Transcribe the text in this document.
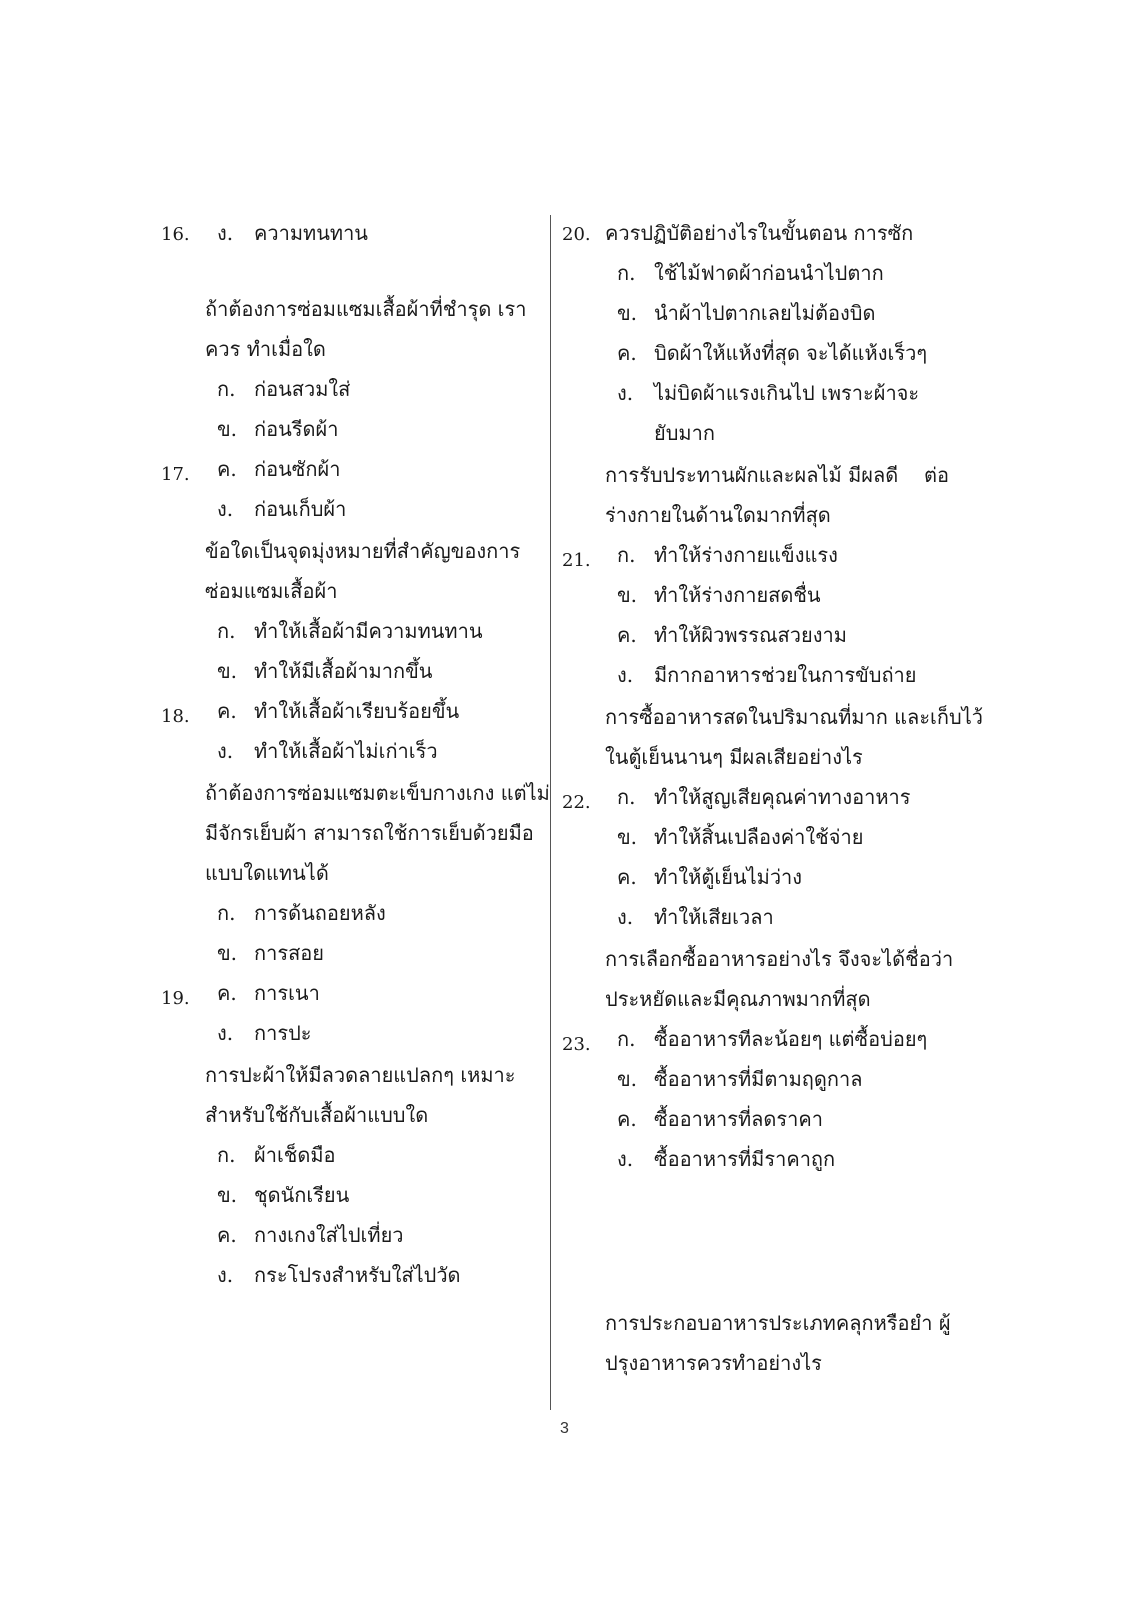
16. ง. ความทนทาน
ถ้าต้องการซ่อมแซมเสื้อผ้าที่ชำรุด เรา
ควร ทำเมื่อใด
ก. ก่อนสวมใส่
ข. ก่อนรีดผ้า
17. ค. ก่อนซักผ้า
ง. ก่อนเก็บผ้า
ข้อใดเป็นจุดมุ่งหมายที่สำคัญของการ
ซ่อมแซมเสื้อผ้า
ก. ทำให้เสื้อผ้ามีความทนทาน
ข. ทำให้มีเสื้อผ้ามากขึ้น
18. ค. ทำให้เสื้อผ้าเรียบร้อยขึ้น
ง. ทำให้เสื้อผ้าไม่เก่าเร็ว
ถ้าต้องการซ่อมแซมตะเข็บกางเกง แต่ไม่
มีจักรเย็บผ้า สามารถใช้การเย็บด้วยมือ
แบบใดแทนได้
ก. การด้นถอยหลัง
ข. การสอย
19. ค. การเนา
ง. การปะ
การปะผ้าให้มีลวดลายแปลกๆ เหมาะ
สำหรับใช้กับเสื้อผ้าแบบใด
ก. ผ้าเช็ดมือ
ข. ชุดนักเรียน
ค. กางเกงใส่ไปเที่ยว
ง. กระโปรงสำหรับใส่ไปวัด
20. ควรปฏิบัติอย่างไรในขั้นตอน การซัก
ก. ใช้ไม้ฟาดผ้าก่อนนำไปตาก
ข. นำผ้าไปตากเลยไม่ต้องบิด
ค. บิดผ้าให้แห้งที่สุด จะได้แห้งเร็วๆ
ง. ไม่บิดผ้าแรงเกินไป เพราะผ้าจะ
ยับมาก
การรับประทานผักและผลไม้ มีผลดี ต่อ
ร่างกายในด้านใดมากที่สุด
21. ก. ทำให้ร่างกายแข็งแรง
ข. ทำให้ร่างกายสดชื่น
ค. ทำให้ผิวพรรณสวยงาม
ง. มีกากอาหารช่วยในการขับถ่าย
การซื้ออาหารสดในปริมาณที่มาก และเก็บไว้
ในตู้เย็นนานๆ มีผลเสียอย่างไร
22. ก. ทำให้สูญเสียคุณค่าทางอาหาร
ข. ทำให้สิ้นเปลืองค่าใช้จ่าย
ค. ทำให้ตู้เย็นไม่ว่าง
ง. ทำให้เสียเวลา
การเลือกซื้ออาหารอย่างไร จึงจะได้ชื่อว่า
ประหยัดและมีคุณภาพมากที่สุด
23. ก. ซื้ออาหารทีละน้อยๆ แต่ซื้อบ่อยๆ
ข. ซื้ออาหารที่มีตามฤดูกาล
ค. ซื้ออาหารที่ลดราคา
ง. ซื้ออาหารที่มีราคาถูก
การประกอบอาหารประเภทคลุกหรือยำ ผู้
ปรุงอาหารควรทำอย่างไร
3
